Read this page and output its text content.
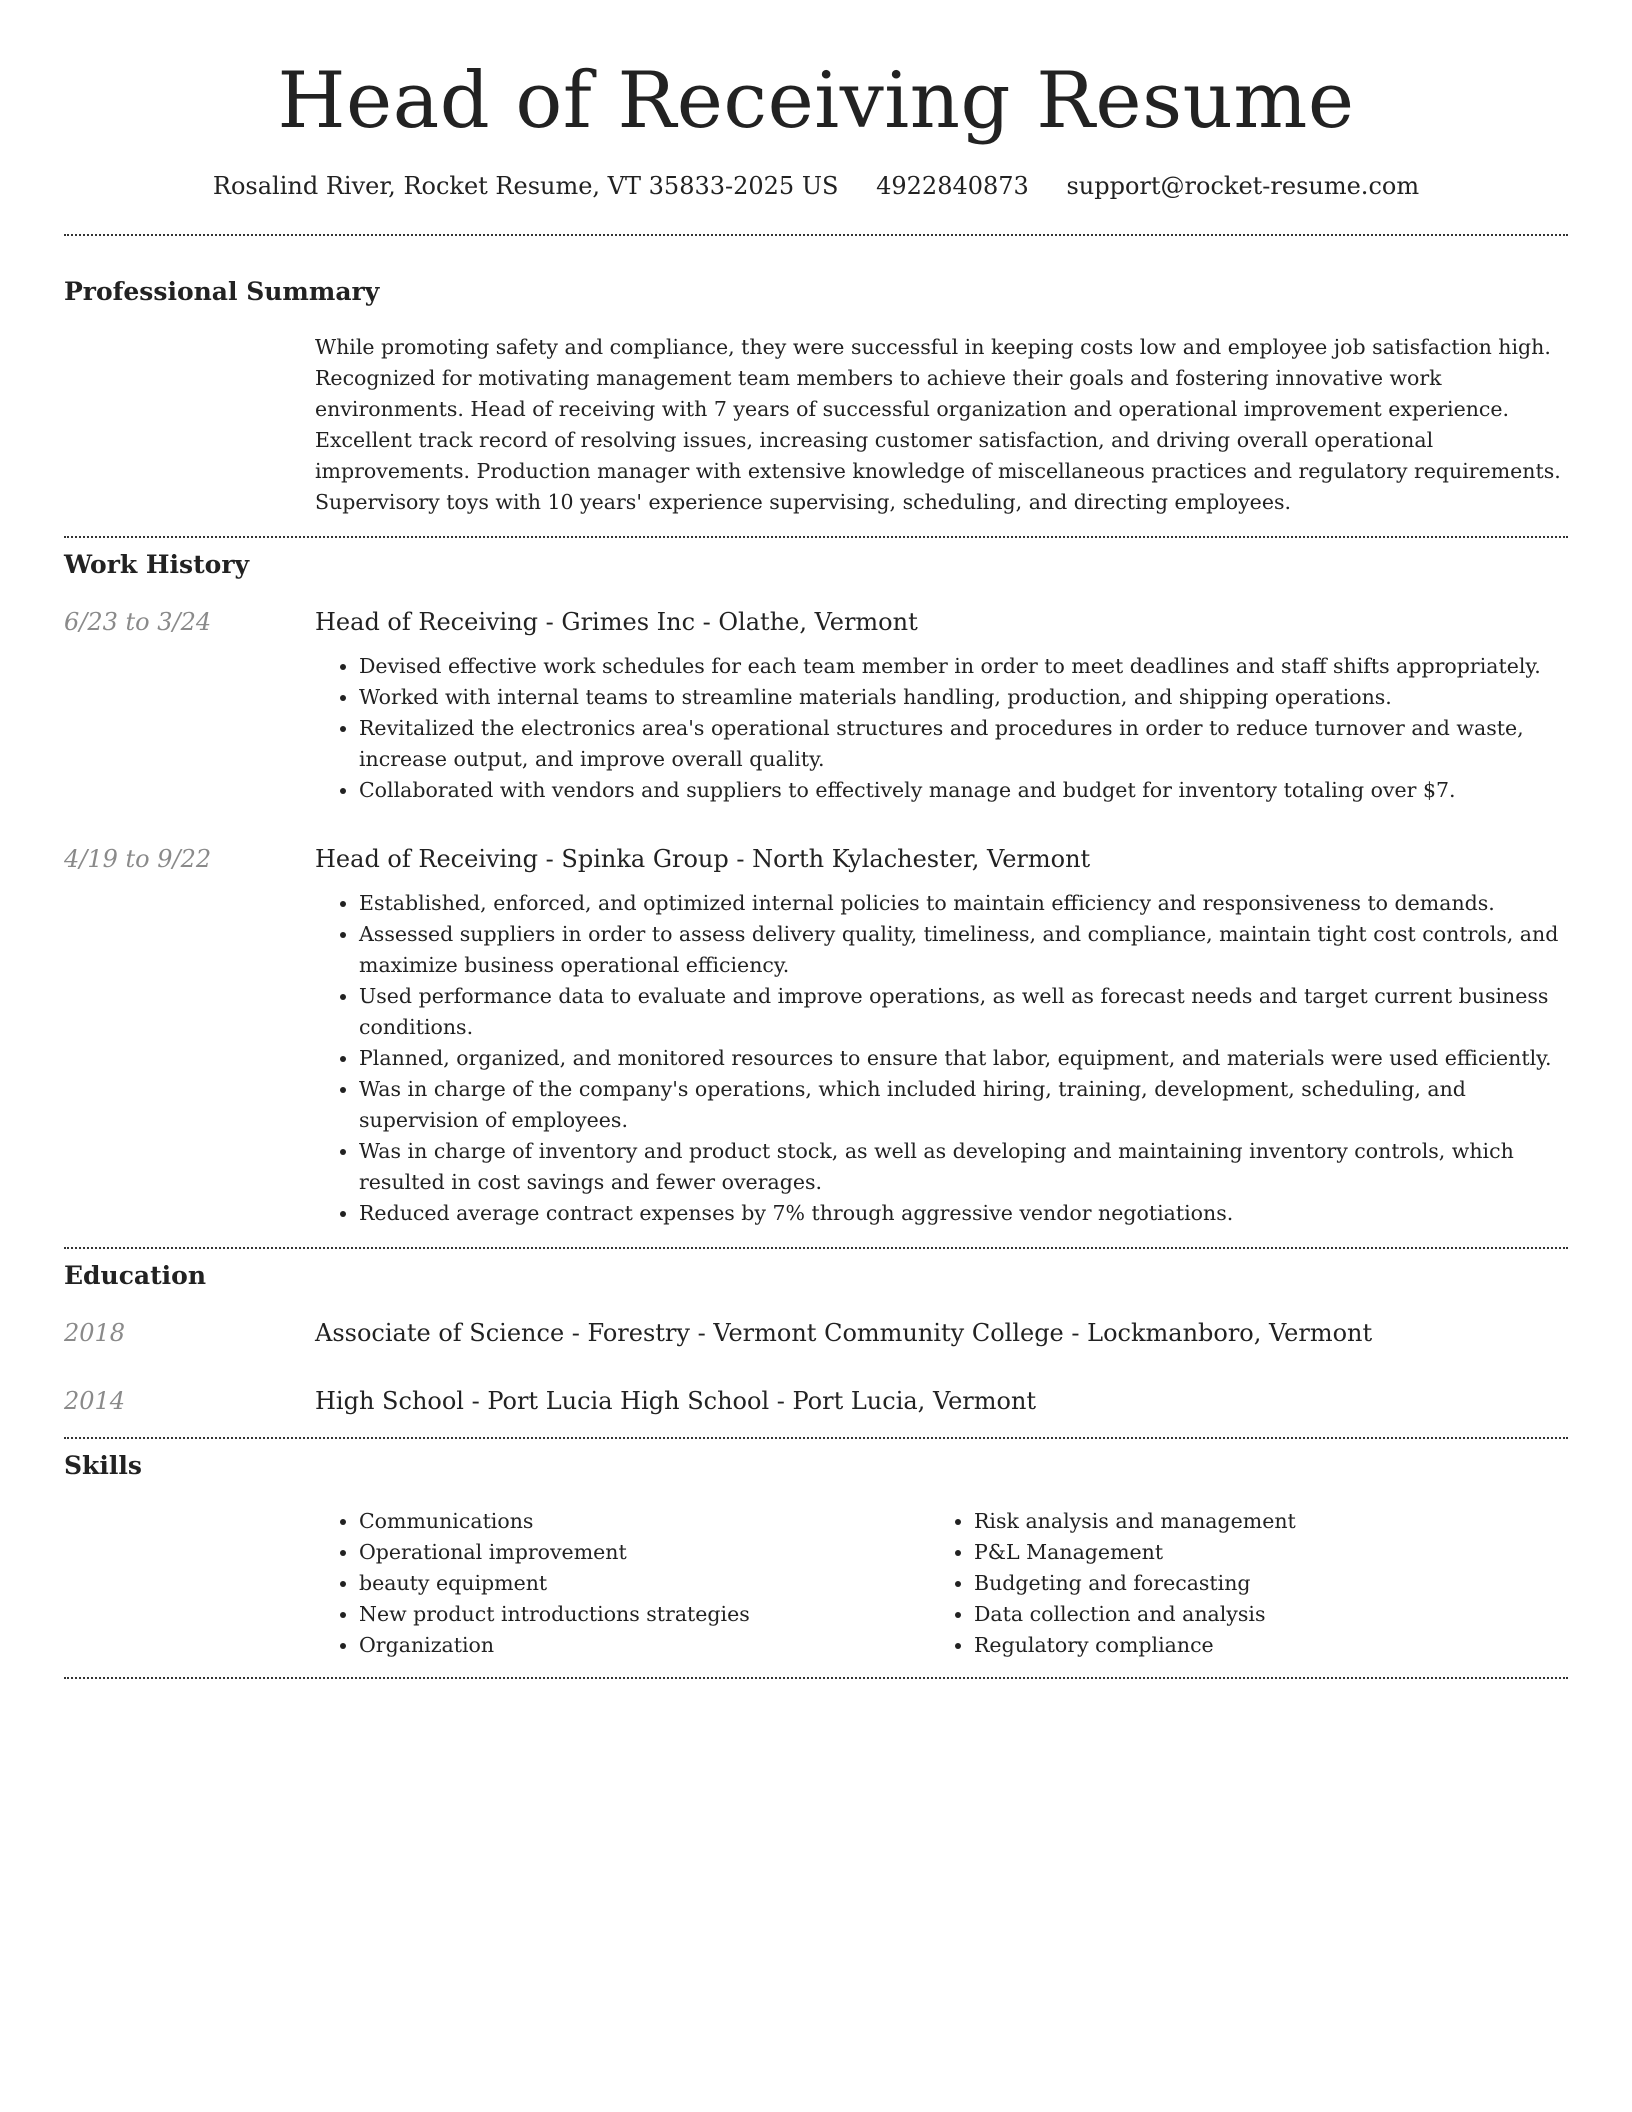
Head of Receiving Resume
Rosalind River, Rocket Resume, VT 35833-2025 US 4922840873 support@rocket-resume.com
Professional Summary

While promoting safety and compliance, they were successful in keeping costs low and employee job satisfaction high. Recognized for motivating management team members to achieve their goals and fostering innovative work environments. Head of receiving with 7 years of successful organization and operational improvement experience. Excellent track record of resolving issues, increasing customer satisfaction, and driving overall operational improvements. Production manager with extensive knowledge of miscellaneous practices and regulatory requirements. Supervisory toys with 10 years' experience supervising, scheduling, and directing employees.

Work History
6/23 to 3/24	Head of Receiving - Grimes Inc - Olathe, Vermont
• Devised effective work schedules for each team member in order to meet deadlines and staff shifts appropriately.
• Worked with internal teams to streamline materials handling, production, and shipping operations.
• Revitalized the electronics area's operational structures and procedures in order to reduce turnover and waste, increase output, and improve overall quality.
• Collaborated with vendors and suppliers to effectively manage and budget for inventory totaling over $7.
4/19 to 9/22	Head of Receiving - Spinka Group - North Kylachester, Vermont
• Established, enforced, and optimized internal policies to maintain efficiency and responsiveness to demands.
• Assessed suppliers in order to assess delivery quality, timeliness, and compliance, maintain tight cost controls, and maximize business operational efficiency.
• Used performance data to evaluate and improve operations, as well as forecast needs and target current business conditions.
• Planned, organized, and monitored resources to ensure that labor, equipment, and materials were used efficiently.
• Was in charge of the company's operations, which included hiring, training, development, scheduling, and supervision of employees.
• Was in charge of inventory and product stock, as well as developing and maintaining inventory controls, which resulted in cost savings and fewer overages.
• Reduced average contract expenses by 7% through aggressive vendor negotiations.
Education
2018	Associate of Science - Forestry - Vermont Community College - Lockmanboro, Vermont
2014	High School - Port Lucia High School - Port Lucia, Vermont
Skills
• Communications
• Operational improvement
• beauty equipment
• New product introductions strategies
• Organization
• Risk analysis and management
• P&L Management
• Budgeting and forecasting
• Data collection and analysis
• Regulatory compliance
